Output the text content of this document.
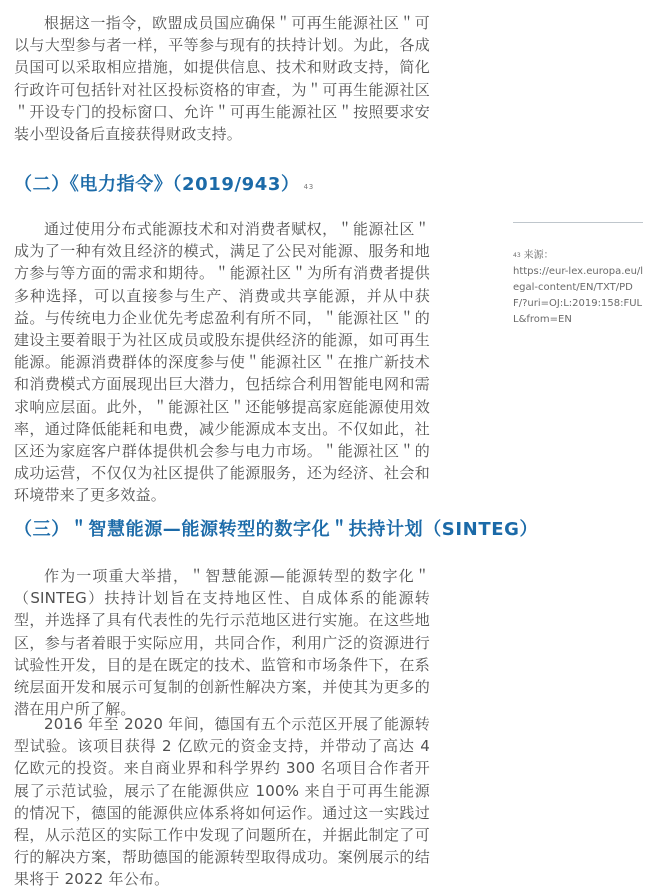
根据这一指令，欧盟成员国应确保＂可再生能源社区＂可以与大型参与者一样，平等参与现有的扶持计划。为此，各成员国可以采取相应措施，如提供信息、技术和财政支持，简化行政许可包括针对社区投标资格的审查，为＂可再生能源社区＂开设专门的投标窗口、允许＂可再生能源社区＂按照要求安装小型设备后直接获得财政支持。

（二）《电力指令》（2019/943） $^{43}$

通过使用分布式能源技术和对消费者赋权，＂能源社区＂成为了一种有效且经济的模式，满足了公民对能源、服务和地方参与等方面的需求和期待。＂能源社区＂为所有消费者提供多种选择，可以直接参与生产、消费或共享能源，并从中获益。与传统电力企业优先考虑盈利有所不同，＂能源社区＂的建设主要着眼于为社区成员或股东提供经济的能源，如可再生能源。能源消费群体的深度参与使＂能源社区＂在推广新技术和消费模式方面展现出巨大潜力，包括综合利用智能电网和需求响应层面。此外，＂能源社区＂还能够提高家庭能源使用效率，通过降低能耗和电费，减少能源成本支出。不仅如此，社区还为家庭客户群体提供机会参与电力市场。＂能源社区＂的成功运营，不仅仅为社区提供了能源服务，还为经济、社会和环境带来了更多效益。

$^{43}$ 来源：
https://eur-lex.europa.eu/legal-content/EN/TXT/PDF/?uri=OJ:L:2019:158:FULL&from=EN
（三）＂智慧能源—能源转型的数字化＂扶持计划（SINTEG）

作为一项重大举措，＂智慧能源—能源转型的数字化＂（SINTEG）扶持计划旨在支持地区性、自成体系的能源转型，并选择了具有代表性的先行示范地区进行实施。在这些地区，参与者着眼于实际应用，共同合作，利用广泛的资源进行试验性开发，目的是在既定的技术、监管和市场条件下，在系统层面开发和展示可复制的创新性解决方案，并使其为更多的潜在用户所了解。

2016 年至 2020 年间，德国有五个示范区开展了能源转型试验。该项目获得 2 亿欧元的资金支持，并带动了高达 4 亿欧元的投资。来自商业界和科学界约 300 名项目合作者开展了示范试验，展示了在能源供应 100% 来自于可再生能源的情况下，德国的能源供应体系将如何运作。通过这一实践过程，从示范区的实际工作中发现了问题所在，并据此制定了可行的解决方案，帮助德国的能源转型取得成功。案例展示的结果将于 2022 年公布。
